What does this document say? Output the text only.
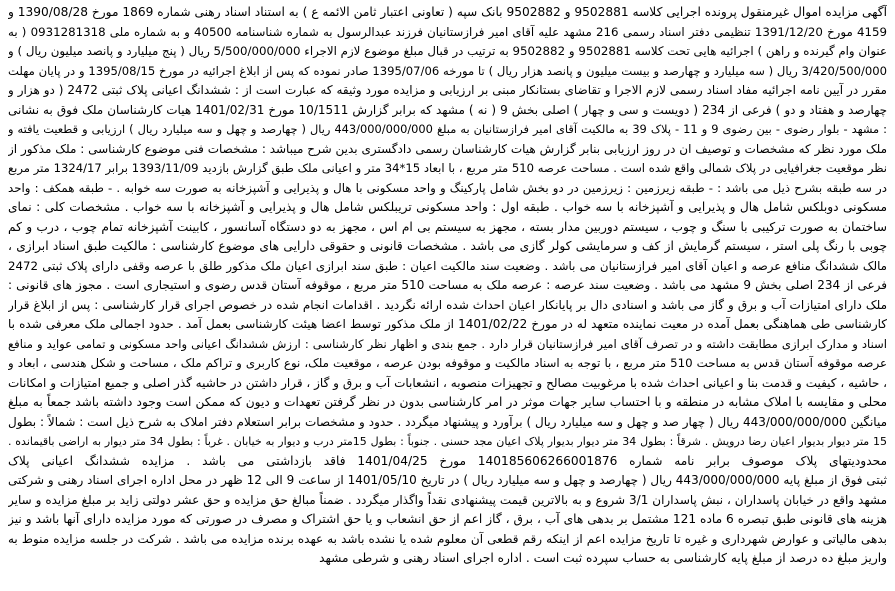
آگهی مزایده اموال غیرمنقول پرونده اجرایی کلاسه 9502881 و 9502882 بانک سپه ( تعاونی اعتبار ثامن الائمه ع ) به استناد اسناد رهنی شماره 1869 مورخ 1390/08/28 و
4159 مورخ 1391/12/20 تنظیمی دفتر اسناد رسمی 216 مشهد علیه آقای امیر فرازستانیان فرزند عبدالرسول به شماره شناسنامه 40500 و به شماره ملی 0931281318 ( به
عنوان وام گیرنده و راهن ) اجرائیه هایی تحت کلاسه 9502881 و 9502882 به ترتیب در قبال مبلغ موضوع لازم الاجراء 5/500/000/000 ریال ( پنج میلیارد و پانصد میلیون ریال ) و
3/420/500/000 ریال ( سه میلیارد و چهارصد و بیست میلیون و پانصد هزار ریال ) تا مورخه 1395/07/06 صادر نموده که پس از ابلاغ اجرائیه در مورخ 1395/08/15 و در پایان مهلت
مقرر در آیین نامه اجرائیه مفاد اسناد رسمی لازم الاجرا و تقاضای بستانکار مبنی بر ارزیابی و مزایده مورد وثیقه که عبارت است از : ششدانگ اعیانی پلاک ثبتی 2472 ( دو هزار و
چهارصد و هفتاد و دو ) فرعی از 234 ( دویست و سی و چهار ) اصلی بخش 9 ( نه ) مشهد که برابر گزارش 10/1511 مورخ 1401/02/31 هیات کارشناسان ملک فوق به نشانی
: مشهد - بلوار رضوی - بین رضوی 9 و 11 - پلاک 39 به مالکیت آقای امیر فرازستانیان به مبلغ 443/000/000/000 ریال ( چهارصد و چهل و سه میلیارد ریال ) ارزیابی و قطعیت یافته و
ملک مورد نظر که مشخصات و توصیف ان در روز ارزیابی بنابر گزارش هیات کارشناسان رسمی دادگستری بدین شرح میباشد : مشخصات فنی موضوع کارشناسی : ملک مذکور از
نظر موقعیت جغرافیایی در پلاک شمالی واقع شده است . مساحت عرصه 510 متر مربع ، با ابعاد 15*34 متر و اعیانی ملک طبق گزارش بازدید 1393/11/09 برابر 1324/17 متر مربع
در سه طبقه بشرح ذیل می باشد : - طبقه زیرزمین : زیرزمین در دو بخش شامل پارکینگ و واحد مسکونی با هال و پذیرایی و آشپزخانه به صورت سه خوابه . - طبقه همکف : واحد
مسکونی دوبلکس شامل هال و پذیرایی و آشپزخانه با سه خواب . طبقه اول : واحد مسکونی تریبلکس شامل هال و پذیرایی و آشپزخانه با سه خواب . مشخصات کلی : نمای
ساختمان به صورت ترکیبی با سنگ و چوب ، سیستم دوربین مدار بسته ، مجهز به سیستم بی ام اس ، مجهز به دو دستگاه آسانسور ، کابینت آشپزخانه تمام چوب ، درب و کم
چوبی با رنگ پلی استر ، سیستم گرمایش از کف و سرمایشی کولر گازی می باشد . مشخصات قانونی و حقوقی دارایی های موضوع کارشناسی : مالکیت طبق اسناد ابرازی ،
مالک ششدانگ منافع عرصه و اعیان آقای امیر فرازستانیان می باشد . وضعیت سند مالکیت اعیان : طبق سند ابرازی اعیان ملک مذکور طلق با عرصه وقفی دارای پلاک ثبتی 2472
فرعی از 234 اصلی بخش 9 مشهد می باشد . وضعیت سند عرصه : عرصه ملک به مساحت 510 متر مربع ، موقوفه آستان قدس رضوی و استیجاری است . مجوز های قانونی :
ملک دارای امتیازات آب و برق و گاز می باشد و اسنادی دال بر پایانکار اعیان احداث شده ارائه نگردید . اقدامات انجام شده در خصوص اجرای قرار کارشناسی : پس از ابلاغ قرار
کارشناسی طی هماهنگی بعمل آمده در معیت نماینده متعهد له در مورخ 1401/02/22 از ملک مذکور توسط اعضا هیئت کارشناسی بعمل آمد . حدود اجمالی ملک معرفی شده با
اسناد و مدارک ابرازی مطابقت داشته و در تصرف آقای امیر فرازستانیان قرار دارد . جمع بندی و اظهار نظر کارشناسی : ارزش ششدانگ اعیانی واحد مسکونی و تمامی عواید و منافع
عرصه موقوفه آستان قدس به مساحت 510 متر مربع ، با توجه به اسناد مالکیت و موقوفه بودن عرصه ، موقعیت ملک، نوع کاربری و تراکم ملک ، مساحت و شکل هندسی ، ابعاد و
، حاشیه ، کیفیت و قدمت بنا و اعیانی احداث شده با مرغوبیت مصالح و تجهیزات منصوبه ، انشعابات آب و برق و گاز ، قرار داشتن در حاشیه گذر اصلی و جمیع امتیازات و امکانات
محلی و مقایسه با املاک مشابه در منطقه و با احتساب سایر جهات موثر در امر کارشناسی بدون در نظر گرفتن تعهدات و دیون که ممکن است وجود داشته باشد جمعاً به مبلغ
میانگین 443/000/000/000 ریال ( چهار صد و چهل و سه میلیارد ریال ) برآورد و پیشنهاد میگردد . حدود و مشخصات برابر استعلام دفتر املاک به شرح ذیل است : شمالاً : بطول
15 متر دیوار بدیوار اعیان رضا درویش . شرقاً : بطول 34 متر دیوار بدیوار پلاک اعیان مجد حسنی . جنوباً : بطول 15متر درب و دیوار به خیابان . غرباً : بطول 34 متر دیوار به اراضی باقیمانده .
محدودیتهای پلاک موصوف برابر نامه شماره 140185606266001876 مورخ 1401/04/25 فاقد بازداشتی می باشد . مزایده ششدانگ اعیانی پلاک
ثبتی فوق از مبلغ پایه 443/000/000/000 ریال ( چهارصد و چهل و سه میلیارد ریال ) در تاریخ 1401/05/10 از ساعت 9 الی 12 ظهر در محل اداره اجرای اسناد رهنی و شرکتی
مشهد واقع در خیابان پاسداران ، نبش پاسداران 3/1 شروع و به بالاترین قیمت پیشنهادی نقداً واگذار میگردد . ضمناً مبالغ حق مزایده و حق عشر دولتی زاید بر مبلغ مزایده و سایر
هزینه های قانونی طبق تبصره 6 ماده 121 مشتمل بر بدهی های آب ، برق ، گاز اعم از حق انشعاب و یا حق اشتراک و مصرف در صورتی که مورد مزایده دارای آنها باشد و نیز
بدهی مالیاتی و عوارض شهرداری و غیره تا تاریخ مزایده اعم از اینکه رقم قطعی آن معلوم شده یا نشده باشد به عهده برنده مزایده می باشد . شرکت در جلسه مزایده منوط به
واریز مبلغ ده درصد از مبلغ پایه کارشناسی به حساب سپرده ثبت است . اداره اجرای اسناد رهنی و شرطی مشهد
